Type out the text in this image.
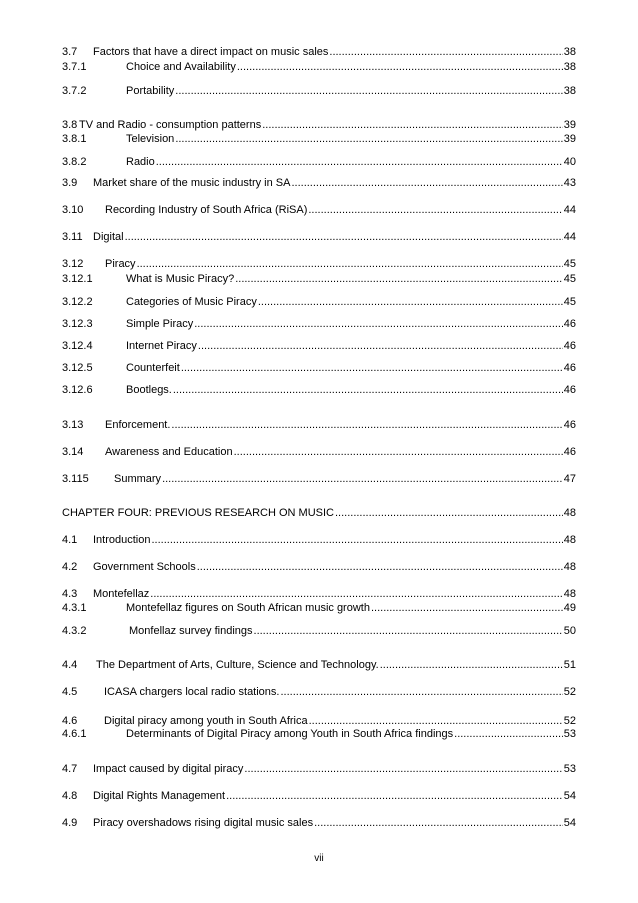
3.7	Factors that have a direct impact on music sales .....	38
3.7.1	Choice and Availability .....	38
3.7.2	Portability .....	38
3.8 TV and Radio - consumption patterns .....	39
3.8.1	Television .....	39
3.8.2	Radio .....	40
3.9	Market share of the music industry in SA .....	43
3.10	Recording Industry of South Africa (RiSA) .....	44
3.11 Digital .....	44
3.12	Piracy .....	45
3.12.1	What is Music Piracy? .....	45
3.12.2	Categories of Music Piracy .....	45
3.12.3	Simple Piracy .....	46
3.12.4	Internet Piracy .....	46
3.12.5	Counterfeit .....	46
3.12.6	Bootlegs. .....	46
3.13	Enforcement. .....	46
3.14	Awareness and Education .....	46
3.115	Summary .....	47
CHAPTER FOUR: PREVIOUS RESEARCH ON MUSIC .....	48
4.1	Introduction .....	48
4.2	Government Schools .....	48
4.3	Montefellaz .....	48
4.3.1	Montefellaz figures on South African music growth .....	49
4.3.2	Monfellaz survey findings .....	50
4.4	The Department of Arts, Culture, Science and Technology. .....	51
4.5	ICASA chargers local radio stations. .....	52
4.6	Digital piracy among youth in South Africa .....	52
4.6.1	Determinants of Digital Piracy among Youth in South Africa findings .....	53
4.7	Impact caused by digital piracy .....	53
4.8	Digital Rights Management .....	54
4.9	Piracy overshadows rising digital music sales .....	54
vii
